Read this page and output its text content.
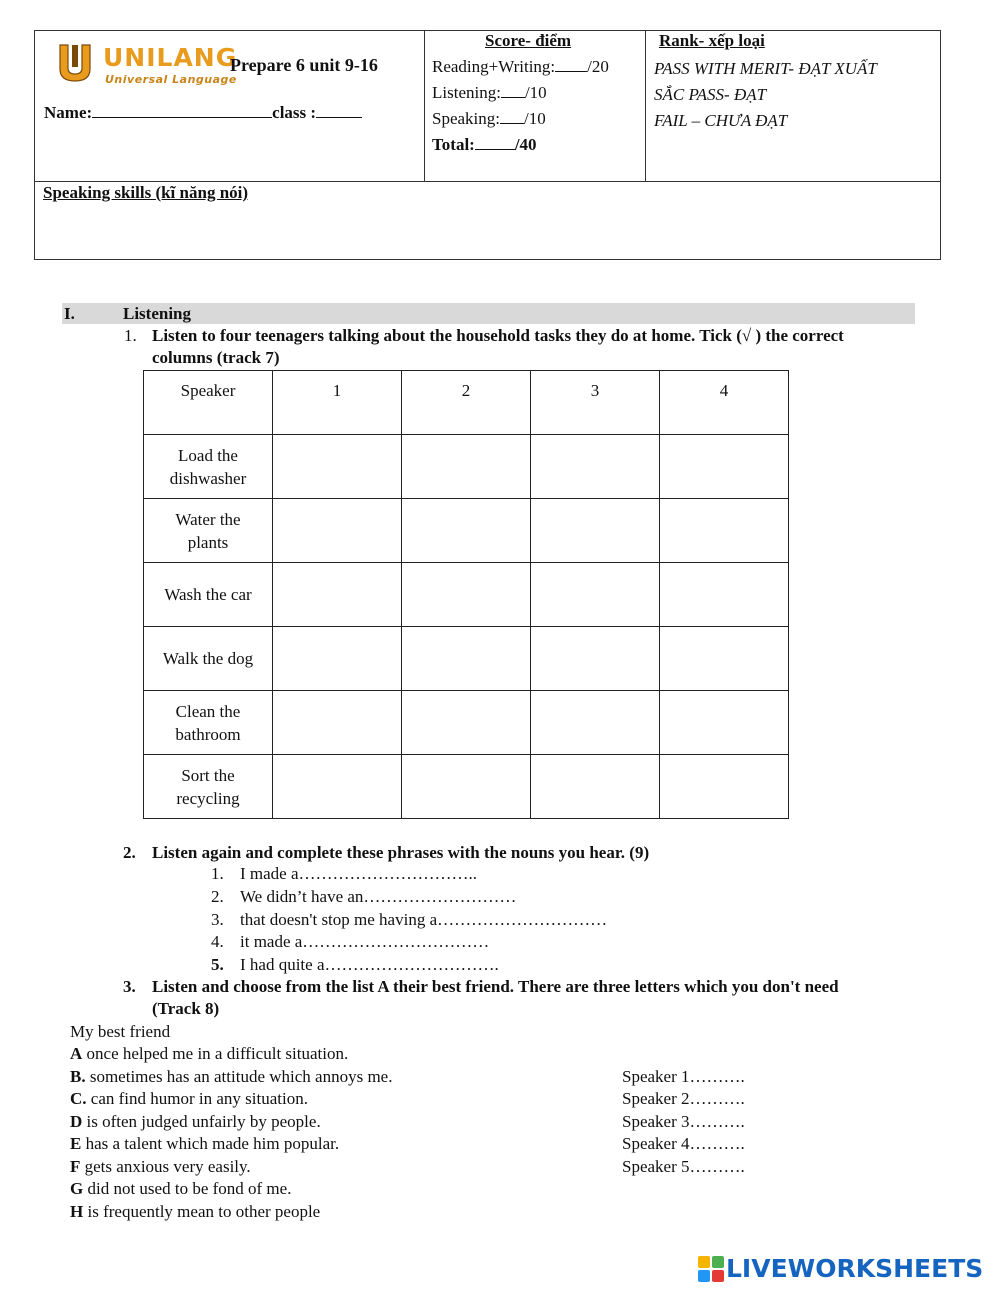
UNILANG
Universal Language
Prepare 6 unit 9-16
Name:	class :
Score- điểm
Reading+Writing: /20
Listening: /10
Speaking: /10
Total: /40
Rank- xếp loại
PASS WITH MERIT- ĐẠT XUẤT
SẮC PASS- ĐẠT
FAIL – CHƯA ĐẠT
Speaking skills (kĩ năng nói)
I.	Listening
1. Listen to four teenagers talking about the household tasks they do at home. Tick (√ ) the correct
columns (track 7)
Speaker	1	2	3	4

Load the
dishwasher				

Water the
plants				

Wash the car				

Walk the dog				

Clean the
bathroom				

Sort the
recycling				

2. Listen again and complete these phrases with the nouns you hear. (9)
1. I made a…………………………..
2. We didn’t have an………………………
3. that doesn't stop me having a…………………………
4. it made a……………………………
5. I had quite a………………………….
3. Listen and choose from the list A their best friend. There are three letters which you don't need
(Track 8)
My best friend
A once helped me in a difficult situation.
B. sometimes has an attitude which annoys me.
C. can find humor in any situation.
D is often judged unfairly by people.
E has a talent which made him popular.
F gets anxious very easily.
G did not used to be fond of me.
H is frequently mean to other people
Speaker 1……….
Speaker 2……….
Speaker 3……….
Speaker 4……….
Speaker 5……….
LIVEWORKSHEETS
